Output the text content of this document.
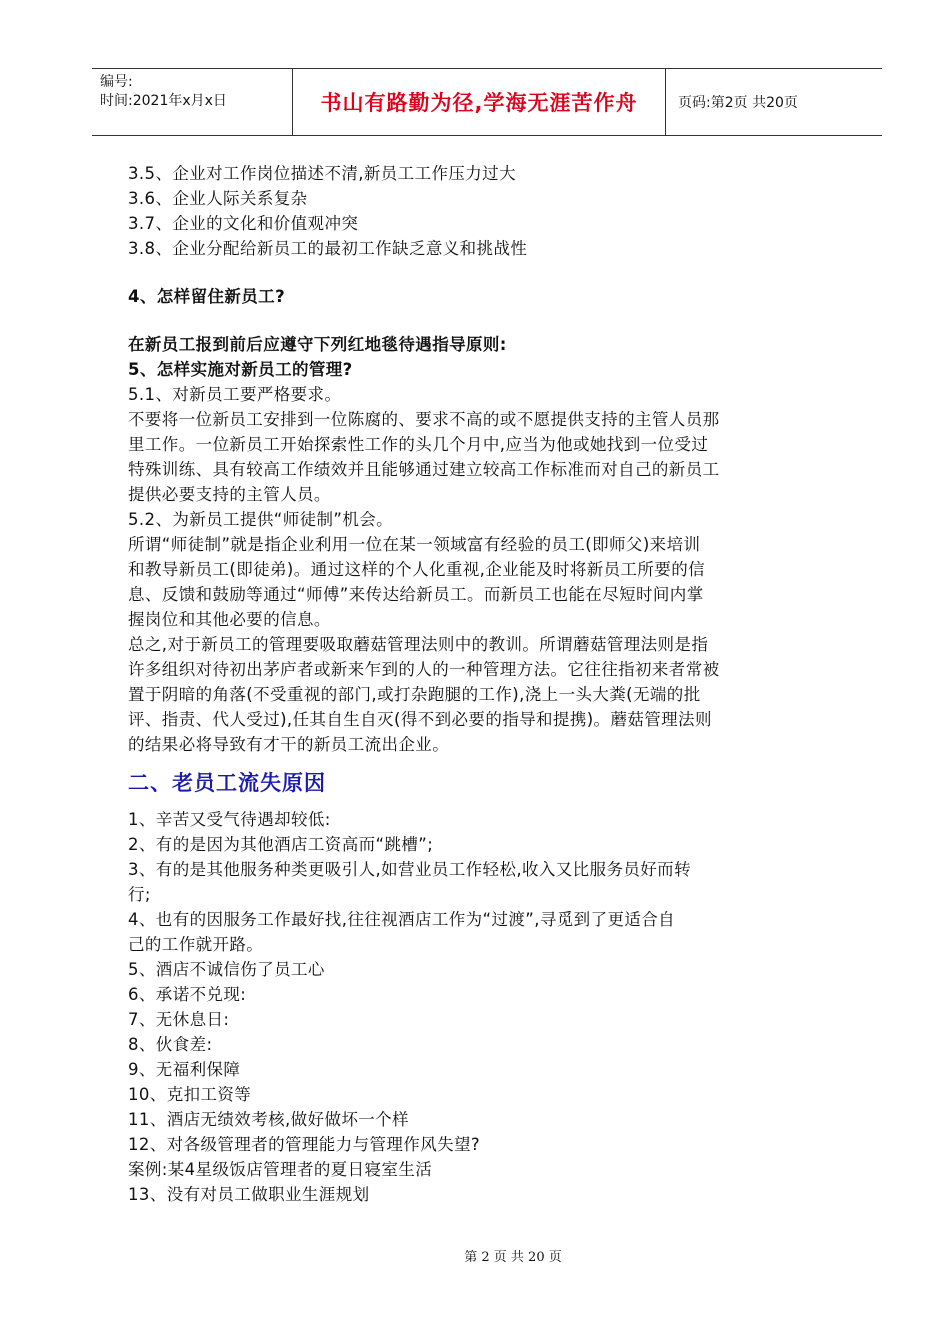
编号:
时间:2021年x月x日	书山有路勤为径,学海无涯苦作舟	页码:第2页 共20页
3.5、企业对工作岗位描述不清,新员工工作压力过大
3.6、企业人际关系复杂
3.7、企业的文化和价值观冲突
3.8、企业分配给新员工的最初工作缺乏意义和挑战性
4、怎样留住新员工?
在新员工报到前后应遵守下列红地毯待遇指导原则:
5、怎样实施对新员工的管理?
5.1、对新员工要严格要求。
不要将一位新员工安排到一位陈腐的、要求不高的或不愿提供支持的主管人员那
里工作。一位新员工开始探索性工作的头几个月中,应当为他或她找到一位受过
特殊训练、具有较高工作绩效并且能够通过建立较高工作标准而对自己的新员工
提供必要支持的主管人员。
5.2、为新员工提供“师徒制”机会。
所谓“师徒制”就是指企业利用一位在某一领域富有经验的员工(即师父)来培训
和教导新员工(即徒弟)。通过这样的个人化重视,企业能及时将新员工所要的信
息、反馈和鼓励等通过“师傅”来传达给新员工。而新员工也能在尽短时间内掌
握岗位和其他必要的信息。
总之,对于新员工的管理要吸取蘑菇管理法则中的教训。所谓蘑菇管理法则是指
许多组织对待初出茅庐者或新来乍到的人的一种管理方法。它往往指初来者常被
置于阴暗的角落(不受重视的部门,或打杂跑腿的工作),浇上一头大粪(无端的批
评、指责、代人受过),任其自生自灭(得不到必要的指导和提携)。蘑菇管理法则
的结果必将导致有才干的新员工流出企业。
二、老员工流失原因
1、辛苦又受气待遇却较低:
2、有的是因为其他酒店工资高而“跳槽”;
3、有的是其他服务种类更吸引人,如营业员工作轻松,收入又比服务员好而转
行;
4、也有的因服务工作最好找,往往视酒店工作为“过渡”,寻觅到了更适合自
己的工作就开路。
5、酒店不诚信伤了员工心
6、承诺不兑现:
7、无休息日:
8、伙食差:
9、无福利保障
10、克扣工资等
11、酒店无绩效考核,做好做坏一个样
12、对各级管理者的管理能力与管理作风失望?
案例:某4星级饭店管理者的夏日寝室生活
13、没有对员工做职业生涯规划
第 2 页 共 20 页
